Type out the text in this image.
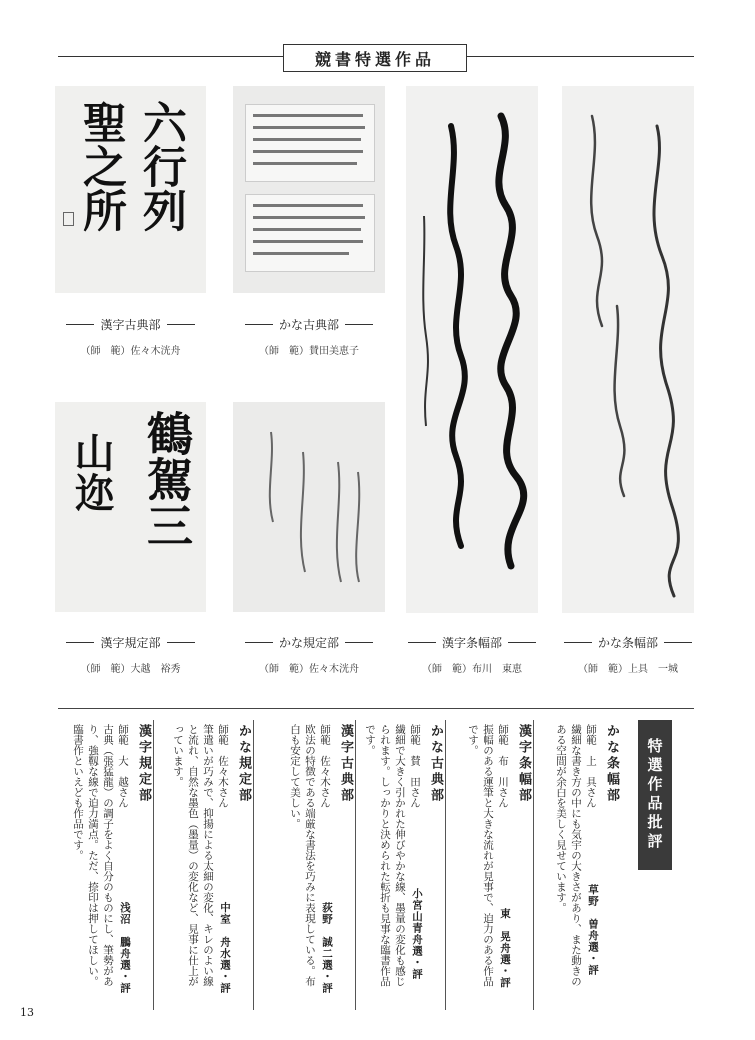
競書特選作品
六行列
聖之所
鶴駕三
山迩
漢字古典部
（師　範）佐々木洸舟
かな古典部
（師　範）賛田美恵子
漢字規定部
（師　範）大越　裕秀
かな規定部
（師　範）佐々木洸舟
漢字条幅部
（師　範）布川　東恵
かな条幅部
（師　範）上具　一城
特選作品批評
かな条幅部
師範　上　具さん
繊細な書き方の中にも気宇の大きさがあり、また動きの
ある空間が余白を美しく見せています。
草野　曽舟選・評
漢字条幅部
師範　布　川さん
振幅のある運筆と大きな流れが見事で、迫力のある作品
です。
東　晃舟選・評
かな古典部
師範　賛　田さん
繊細で大きく引かれた伸びやかな線、墨量の変化も感じ
られます。しっかりと決められた転折も見事な臨書作品
です。
小宮山青舟選・評
漢字古典部
師範　佐々木さん
欧法の特徴である端厳な書法を巧みに表現している。布
白も安定して美しい。
荻野　誠二選・評
かな規定部
師範　佐々木さん
筆遣いが巧みで、抑揚による太細の変化、キレのよい線
と流れ、自然な墨色（墨量）の変化など、見事に仕上が
っています。
中室　舟水選・評
漢字規定部
師範　大　越さん
古典（張猛龍）の調子をよく自分のものにし、筆勢があ
り、強靱な線で迫力満点。ただ、捺印は押してほしい。
臨書作といえども作品です。
浅沼　鵬舟選・評
13
